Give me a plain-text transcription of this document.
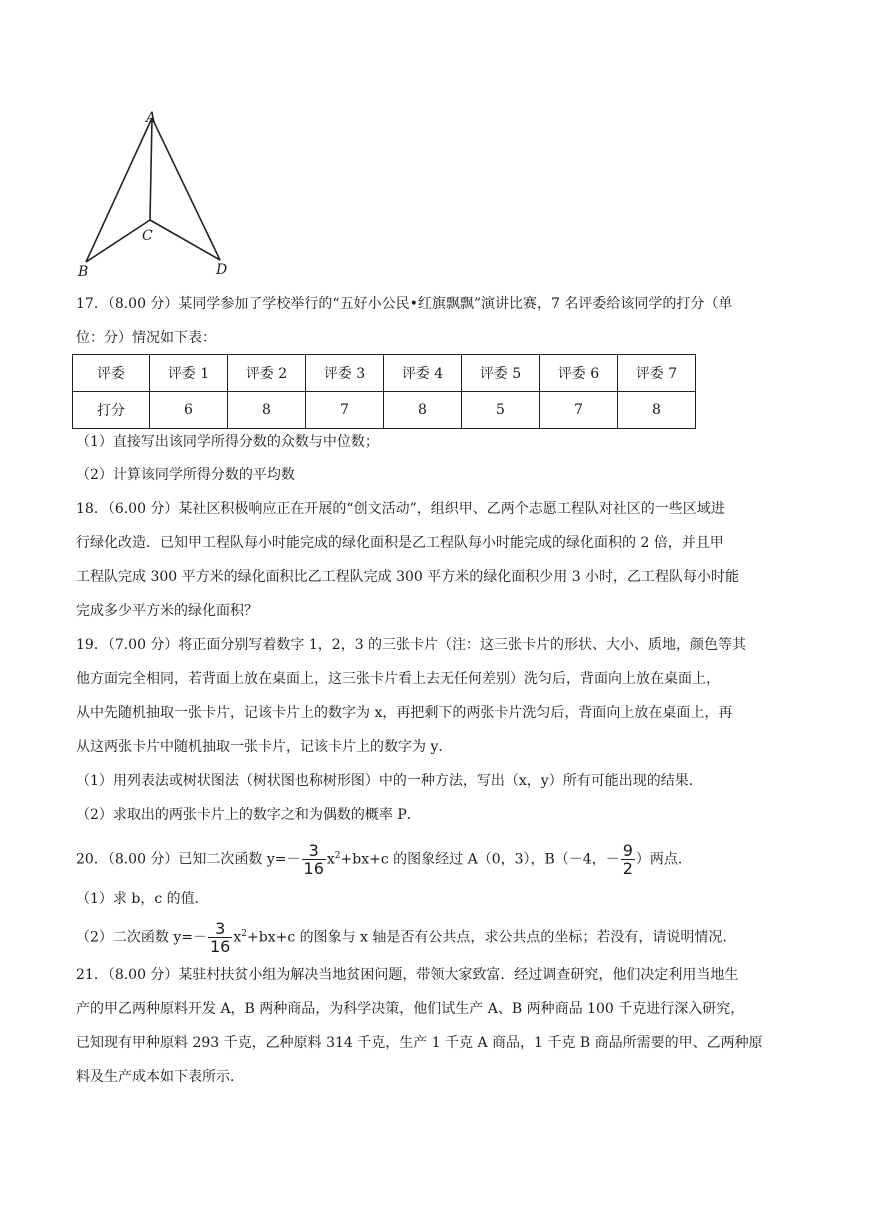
A
B
C
D

17．（8.00 分）某同学参加了学校举行的“五好小公民•红旗飘飘”演讲比赛，7 名评委给该同学的打分（单

位：分）情况如下表：

评委	评委 1	评委 2	评委 3	评委 4	评委 5	评委 6	评委 7
打分	6	8	7	8	5	7	8

（1）直接写出该同学所得分数的众数与中位数；

（2）计算该同学所得分数的平均数

18．（6.00 分）某社区积极响应正在开展的“创文活动”，组织甲、乙两个志愿工程队对社区的一些区域进

行绿化改造．已知甲工程队每小时能完成的绿化面积是乙工程队每小时能完成的绿化面积的 2 倍，并且甲

工程队完成 300 平方米的绿化面积比乙工程队完成 300 平方米的绿化面积少用 3 小时，乙工程队每小时能

完成多少平方米的绿化面积？

19．（7.00 分）将正面分别写着数字 1，2，3 的三张卡片（注：这三张卡片的形状、大小、质地，颜色等其

他方面完全相同，若背面上放在桌面上，这三张卡片看上去无任何差别）洗匀后，背面向上放在桌面上，

从中先随机抽取一张卡片，记该卡片上的数字为 x，再把剩下的两张卡片洗匀后，背面向上放在桌面上，再

从这两张卡片中随机抽取一张卡片，记该卡片上的数字为 y．

（1）用列表法或树状图法（树状图也称树形图）中的一种方法，写出（x，y）所有可能出现的结果．

（2）求取出的两张卡片上的数字之和为偶数的概率 P．

20．（8.00 分）已知二次函数 $y=- \frac{3}{16} x^2+bx+c$ 的图象经过 A（0，3），B（－4，－ $\frac{9}{2}$ ）两点．

（1）求 b，c 的值．

（2）二次函数 $y=- \frac{3}{16} x^2+bx+c$ 的图象与 x 轴是否有公共点，求公共点的坐标；若没有，请说明情况．

21．（8.00 分）某驻村扶贫小组为解决当地贫困问题，带领大家致富．经过调查研究，他们决定利用当地生

产的甲乙两种原料开发 A，B 两种商品，为科学决策，他们试生产 A、B 两种商品 100 千克进行深入研究，

已知现有甲种原料 293 千克，乙种原料 314 千克，生产 1 千克 A 商品，1 千克 B 商品所需要的甲、乙两种原

料及生产成本如下表所示．
